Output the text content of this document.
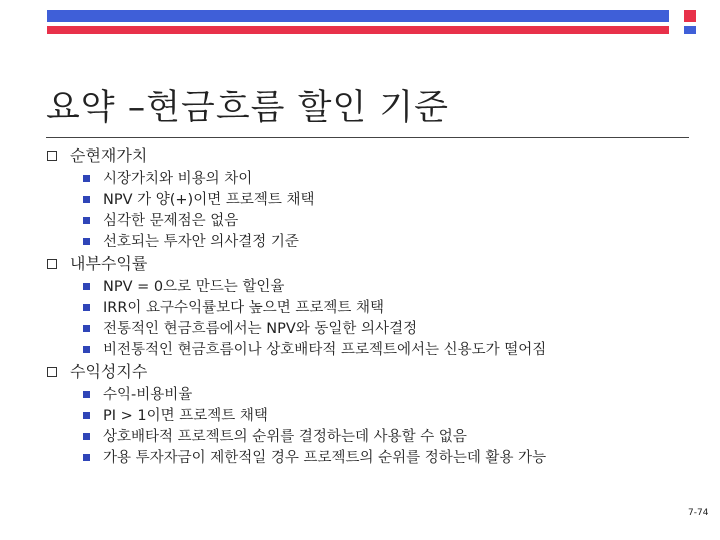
요약 –현금흐름 할인 기준
순현재가치
시장가치와 비용의 차이
NPV 가 양(+)이면 프로젝트 채택
심각한 문제점은 없음
선호되는 투자안 의사결정 기준
내부수익률
NPV = 0으로 만드는 할인율
IRR이 요구수익률보다 높으면 프로젝트 채택
전통적인 현금흐름에서는 NPV와 동일한 의사결정
비전통적인 현금흐름이나 상호배타적 프로젝트에서는 신용도가 떨어짐
수익성지수
수익-비용비율
PI > 1이면 프로젝트 채택
상호배타적 프로젝트의 순위를 결정하는데 사용할 수 없음
가용 투자자금이 제한적일 경우 프로젝트의 순위를 정하는데 활용 가능
7-74
